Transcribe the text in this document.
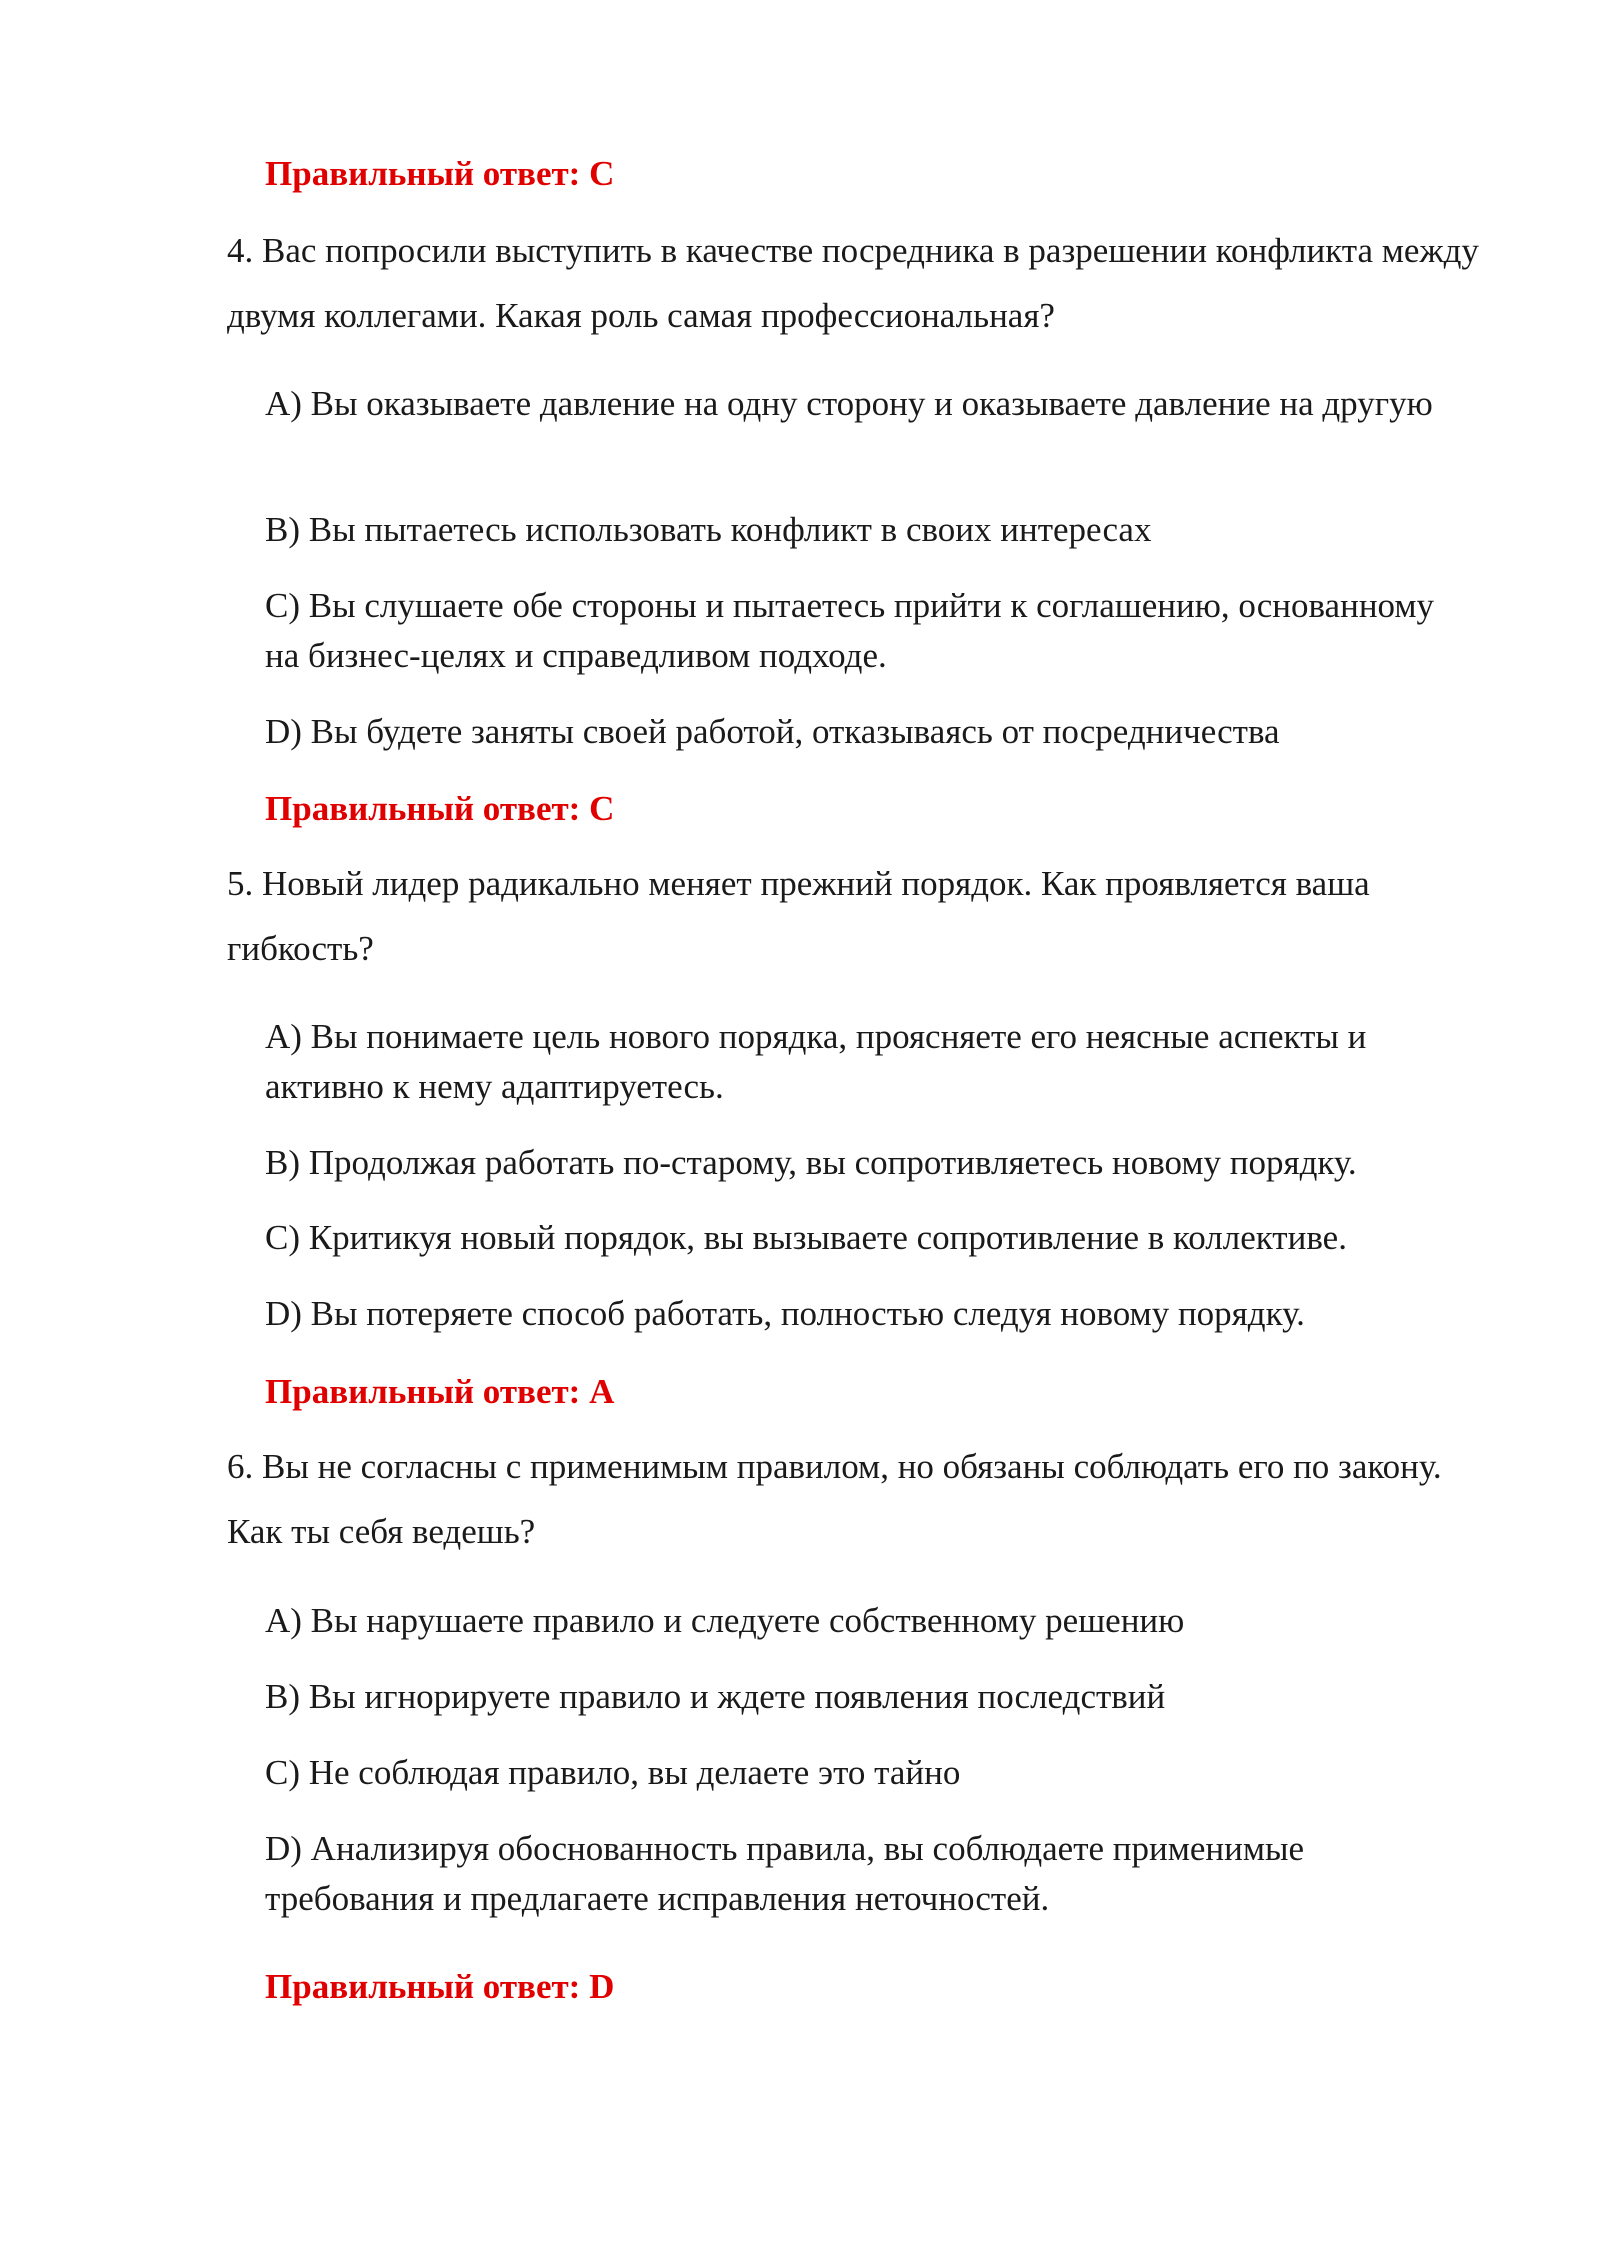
Правильный ответ: C
4. Вас попросили выступить в качестве посредника в разрешении конфликта между двумя коллегами. Какая роль самая профессиональная?
A) Вы оказываете давление на одну сторону и оказываете давление на другую
B) Вы пытаетесь использовать конфликт в своих интересах
C) Вы слушаете обе стороны и пытаетесь прийти к соглашению, основанному на бизнес-целях и справедливом подходе.
D) Вы будете заняты своей работой, отказываясь от посредничества
Правильный ответ: C
5. Новый лидер радикально меняет прежний порядок. Как проявляется ваша гибкость?
A) Вы понимаете цель нового порядка, проясняете его неясные аспекты и активно к нему адаптируетесь.
B) Продолжая работать по-старому, вы сопротивляетесь новому порядку.
C) Критикуя новый порядок, вы вызываете сопротивление в коллективе.
D) Вы потеряете способ работать, полностью следуя новому порядку.
Правильный ответ: A
6. Вы не согласны с применимым правилом, но обязаны соблюдать его по закону. Как ты себя ведешь?
A) Вы нарушаете правило и следуете собственному решению
B) Вы игнорируете правило и ждете появления последствий
C) Не соблюдая правило, вы делаете это тайно
D) Анализируя обоснованность правила, вы соблюдаете применимые требования и предлагаете исправления неточностей.
Правильный ответ: D
